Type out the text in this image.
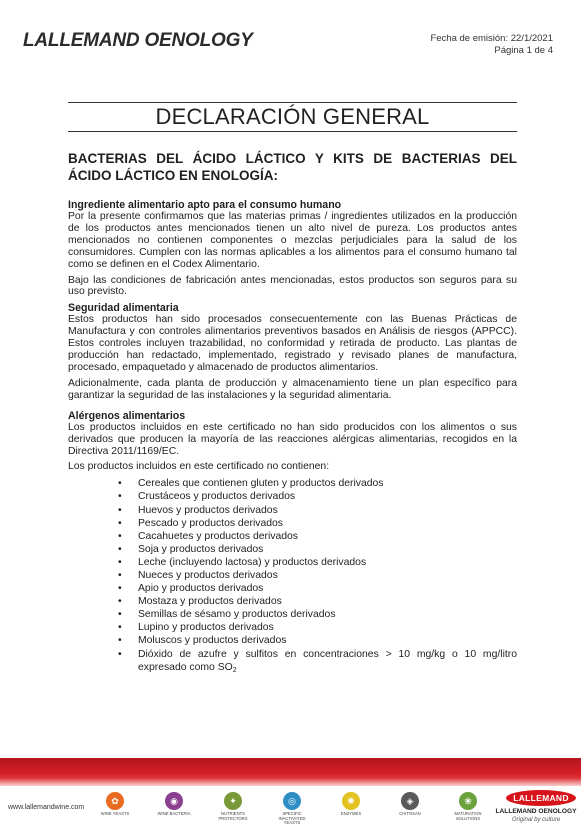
LALLEMAND OENOLOGY	Fecha de emisión: 22/1/2021
Página 1 de 4
DECLARACIÓN GENERAL
BACTERIAS DEL ÁCIDO LÁCTICO Y KITS DE BACTERIAS DEL ÁCIDO LÁCTICO EN ENOLOGÍA:
Ingrediente alimentario apto para el consumo humano

Por la presente confirmamos que las materias primas / ingredientes utilizados en la producción de los productos antes mencionados tienen un alto nivel de pureza. Los productos antes mencionados no contienen componentes o mezclas perjudiciales para la salud de los consumidores. Cumplen con las normas aplicables a los alimentos para el consumo humano tal como se definen en el Codex Alimentario.

Bajo las condiciones de fabricación antes mencionadas, estos productos son seguros para su uso previsto.

Seguridad alimentaria

Estos productos han sido procesados consecuentemente con las Buenas Prácticas de Manufactura y con controles alimentarios preventivos basados en Análisis de riesgos (APPCC). Estos controles incluyen trazabilidad, no conformidad y retirada de producto. Las plantas de producción han redactado, implementado, registrado y revisado planes de manufactura, procesado, empaquetado y almacenado de productos alimentarios.

Adicionalmente, cada planta de producción y almacenamiento tiene un plan específico para garantizar la seguridad de las instalaciones y la seguridad alimentaria.

Alérgenos alimentarios

Los productos incluidos en este certificado no han sido producidos con los alimentos o sus derivados que producen la mayoría de las reacciones alérgicas alimentarias, recogidos en la Directiva 2011/1169/EC.

Los productos incluidos en este certificado no contienen:

• Cereales que contienen gluten y productos derivados
• Crustáceos y productos derivados
• Huevos y productos derivados
• Pescado y productos derivados
• Cacahuetes y productos derivados
• Soja y productos derivados
• Leche (incluyendo lactosa) y productos derivados
• Nueces y productos derivados
• Apio y productos derivados
• Mostaza y productos derivados
• Semillas de sésamo y productos derivados
• Lupino y productos derivados
• Moluscos y productos derivados
• Dióxido de azufre y sulfitos en concentraciones > 10 mg/kg o 10 mg/litro expresado como $SO_2$
www.lallemandwine.com
✿
WINE YEASTS
◉
WINE BACTERIA
✦
NUTRIENTS PROTECTORS
◎
SPECIFIC INACTIVATED YEASTS
✺
ENZYMES
◈
CHITOSAN
❀
MATURATION SOLUTIONS
LALLEMAND
LALLEMAND OENOLOGY
Original by culture
